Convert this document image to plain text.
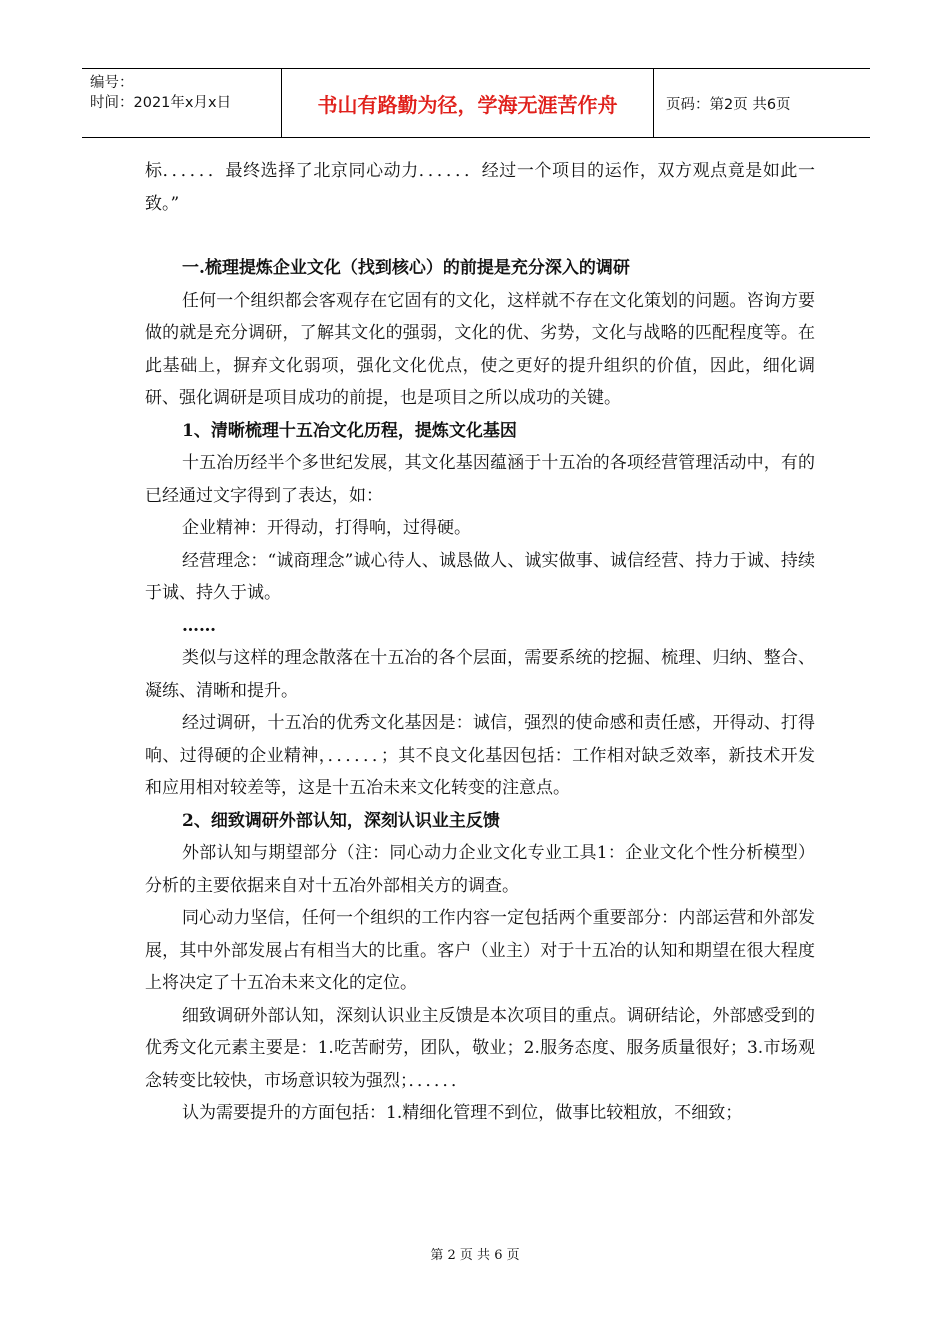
编号：
时间：2021年x月x日	书山有路勤为径，学海无涯苦作舟	页码：第2页 共6页

标．．．．．．最终选择了北京同心动力．．．．．．经过一个项目的运作，双方观点竟是如此一致。”

一.梳理提炼企业文化（找到核心）的前提是充分深入的调研

任何一个组织都会客观存在它固有的文化，这样就不存在文化策划的问题。咨询方要做的就是充分调研，了解其文化的强弱，文化的优、劣势，文化与战略的匹配程度等。在此基础上，摒弃文化弱项，强化文化优点，使之更好的提升组织的价值，因此，细化调研、强化调研是项目成功的前提，也是项目之所以成功的关键。

1、清晰梳理十五冶文化历程，提炼文化基因

十五冶历经半个多世纪发展，其文化基因蕴涵于十五冶的各项经营管理活动中，有的已经通过文字得到了表达，如：

企业精神：开得动，打得响，过得硬。

经营理念：“诚商理念”诚心待人、诚恳做人、诚实做事、诚信经营、持力于诚、持续于诚、持久于诚。

……

类似与这样的理念散落在十五冶的各个层面，需要系统的挖掘、梳理、归纳、整合、凝练、清晰和提升。

经过调研，十五冶的优秀文化基因是：诚信，强烈的使命感和责任感，开得动、打得响、过得硬的企业精神，．．．．．．；其不良文化基因包括：工作相对缺乏效率，新技术开发和应用相对较差等，这是十五冶未来文化转变的注意点。

2、细致调研外部认知，深刻认识业主反馈

外部认知与期望部分（注：同心动力企业文化专业工具1：企业文化个性分析模型）分析的主要依据来自对十五冶外部相关方的调查。

同心动力坚信，任何一个组织的工作内容一定包括两个重要部分：内部运营和外部发展，其中外部发展占有相当大的比重。客户（业主）对于十五冶的认知和期望在很大程度上将决定了十五冶未来文化的定位。

细致调研外部认知，深刻认识业主反馈是本次项目的重点。调研结论，外部感受到的优秀文化元素主要是：1.吃苦耐劳，团队，敬业；2.服务态度、服务质量很好；3.市场观念转变比较快，市场意识较为强烈；．．．．．．

认为需要提升的方面包括：1.精细化管理不到位，做事比较粗放，不细致；

第 2 页 共 6 页
